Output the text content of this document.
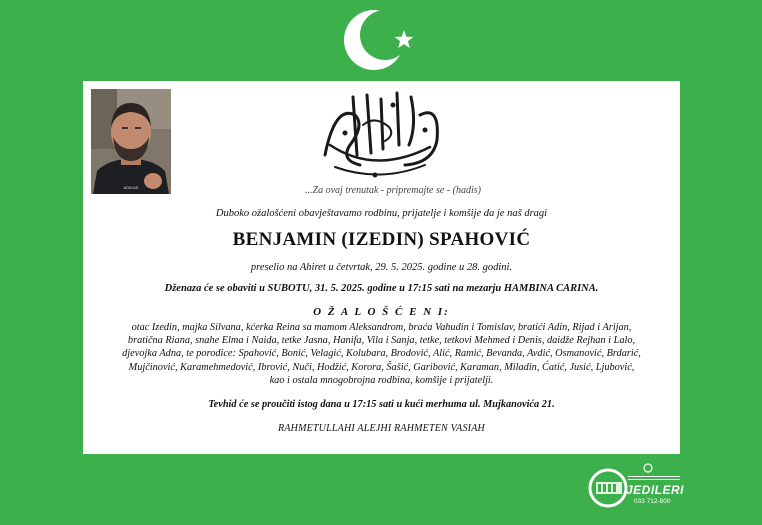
ADIDAS	...Za ovaj trenutak - pripremajte se - (hadis)
Duboko ožalošćeni obavještavamo rodbinu, prijatelje i komšije da je naš dragi
BENJAMIN (IZEDIN) SPAHOVIĆ
preselio na Ahiret u četvrtak, 29. 5. 2025. godine u 28. godini.
Dženaza će se obaviti u SUBOTU, 31. 5. 2025. godine u 17:15 sati na mezarju HAMBINA CARINA.
O Ž A L O Š Ć E N I:
otac Izedin, majka Silvana, kćerka Reina sa mamom Aleksandrom, braća Vahudin i Tomislav, bratići Adin, Rijad i Arijan,
bratična Riana, snahe Elma i Naida, tetke Jasna, Hanifa, Vila i Sanja, tetke, tetkovi Mehmed i Denis, daidže Rejhan i Lalo,
djevojka Adna, te porodice: Spahović, Bonić, Velagić, Kolubara, Brodović, Alić, Ramić, Bevanda, Avdić, Osmanović, Brdarić,
Mujčinović, Karamehmedović, Ibrović, Nuči, Hodžić, Korora, Šašić, Garibović, Karaman, Miladin, Ćatić, Jusić, Ljubović,
kao i ostala mnogobrojna rodbina, komšije i prijatelji.
Tevhid će se proučiti istog dana u 17:15 sati u kući merhuma ul. Mujkanovića 21.
RAHMETULLAHI ALEJHI RAHMETEN VASIAH
JEDILERI
033 712-800
